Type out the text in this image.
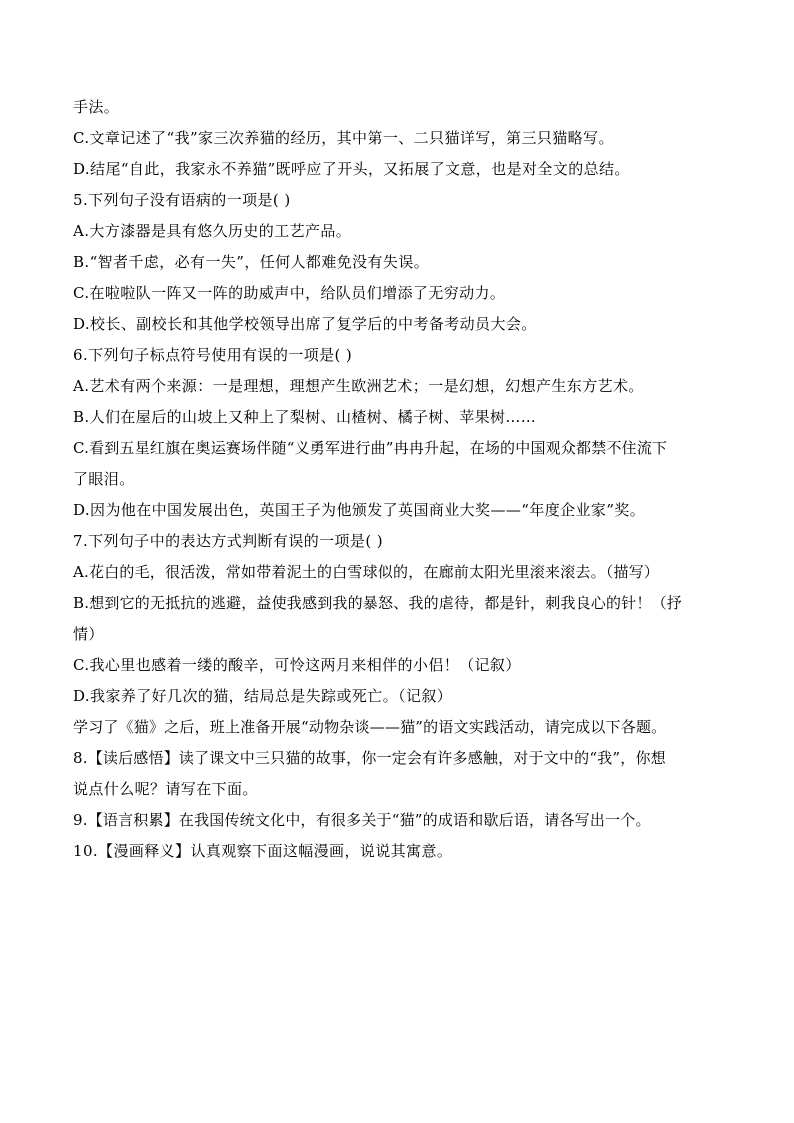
手法。
C.文章记述了“我”家三次养猫的经历，其中第一、二只猫详写，第三只猫略写。
D.结尾“自此，我家永不养猫”既呼应了开头，又拓展了文意，也是对全文的总结。
5.下列句子没有语病的一项是( )
A.大方漆器是具有悠久历史的工艺产品。
B.“智者千虑，必有一失”，任何人都难免没有失误。
C.在啦啦队一阵又一阵的助威声中，给队员们增添了无穷动力。
D.校长、副校长和其他学校领导出席了复学后的中考备考动员大会。
6.下列句子标点符号使用有误的一项是( )
A.艺术有两个来源：一是理想，理想产生欧洲艺术；一是幻想，幻想产生东方艺术。
B.人们在屋后的山坡上又种上了梨树、山楂树、橘子树、苹果树……
C.看到五星红旗在奥运赛场伴随“义勇军进行曲”冉冉升起，在场的中国观众都禁不住流下
了眼泪。
D.因为他在中国发展出色，英国王子为他颁发了英国商业大奖——“年度企业家”奖。
7.下列句子中的表达方式判断有误的一项是( )
A.花白的毛，很活泼，常如带着泥土的白雪球似的，在廊前太阳光里滚来滚去。（描写）
B.想到它的无抵抗的逃避，益使我感到我的暴怒、我的虐待，都是针，刺我良心的针！（抒
情）
C.我心里也感着一缕的酸辛，可怜这两月来相伴的小侣！（记叙）
D.我家养了好几次的猫，结局总是失踪或死亡。（记叙）
学习了《猫》之后，班上准备开展“动物杂谈——猫”的语文实践活动，请完成以下各题。
8.【读后感悟】读了课文中三只猫的故事，你一定会有许多感触，对于文中的“我”，你想
说点什么呢？请写在下面。
9.【语言积累】在我国传统文化中，有很多关于“猫”的成语和歇后语，请各写出一个。
10.【漫画释义】认真观察下面这幅漫画，说说其寓意。
